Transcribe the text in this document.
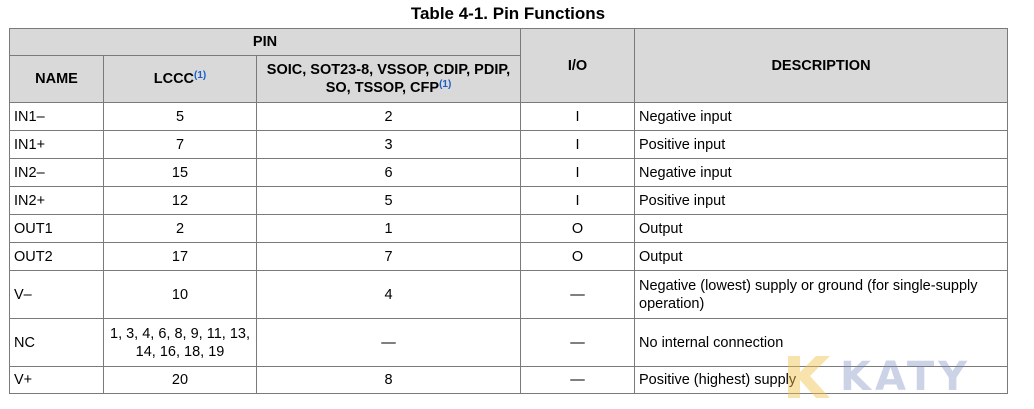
Table 4-1. Pin Functions
PIN			I/O	DESCRIPTION
NAME	LCCC$^{(1)}$	SOIC, SOT23-8, VSSOP, CDIP, PDIP, SO, TSSOP, CFP$^{(1)}$
IN1–	5	2	I	Negative input
IN1+	7	3	I	Positive input
IN2–	15	6	I	Negative input
IN2+	12	5	I	Positive input
OUT1	2	1	O	Output
OUT2	17	7	O	Output
V–	10	4	—	Negative (lowest) supply or ground (for single-supply operation)
NC	1, 3, 4, 6, 8, 9, 11, 13, 14, 16, 18, 19	—	—	No internal connection
V+	20	8	—	Positive (highest) supply KATY
